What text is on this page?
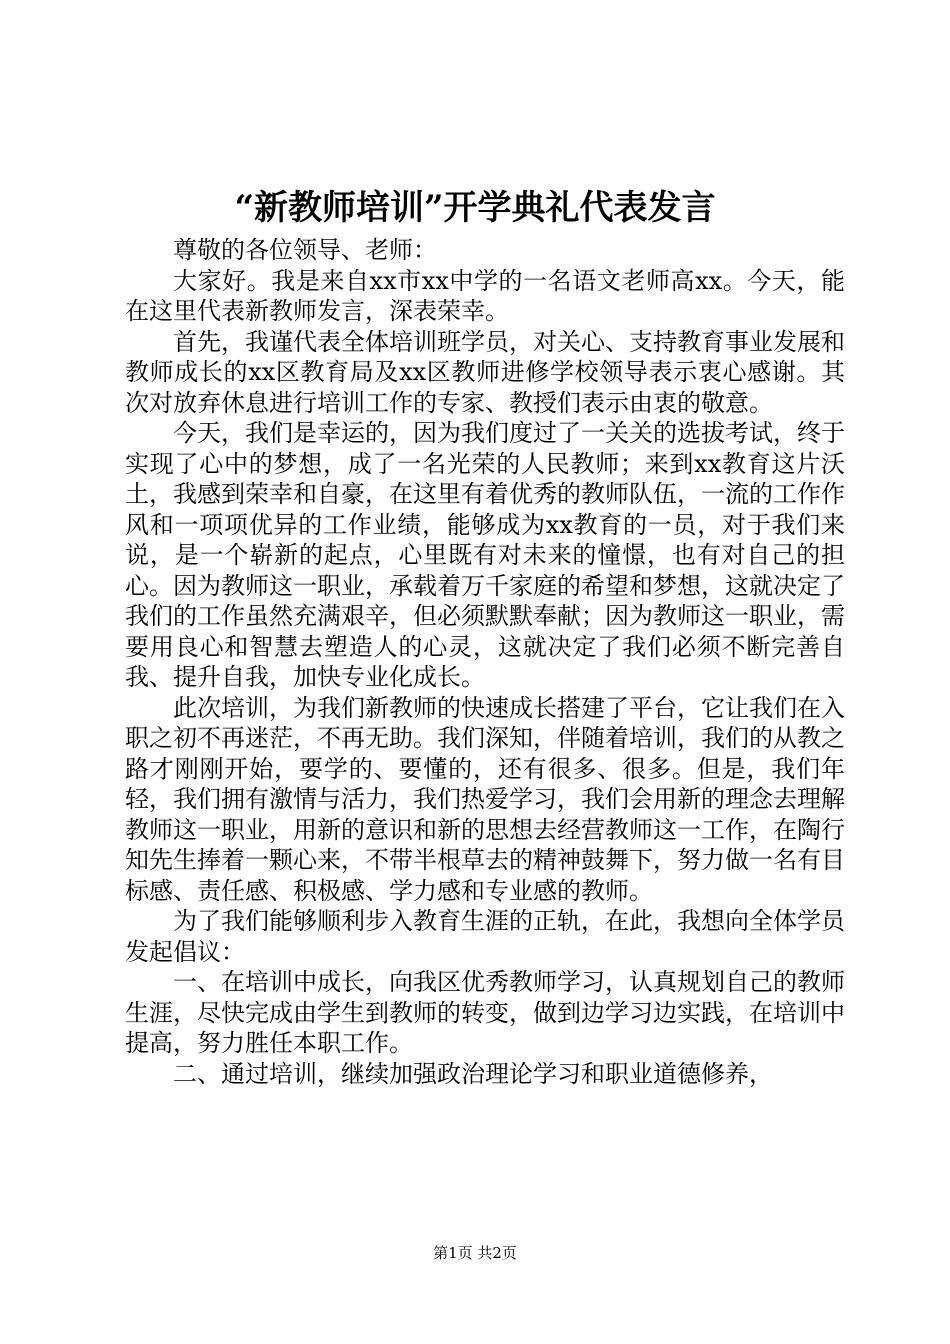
“新教师培训”开学典礼代表发言

尊敬的各位领导、老师：

大家好。我是来自xx市xx中学的一名语文老师高xx。今天，能在这里代表新教师发言，深表荣幸。

首先，我谨代表全体培训班学员，对关心、支持教育事业发展和教师成长的xx区教育局及xx区教师进修学校领导表示衷心感谢。其次对放弃休息进行培训工作的专家、教授们表示由衷的敬意。

今天，我们是幸运的，因为我们度过了一关关的选拔考试，终于实现了心中的梦想，成了一名光荣的人民教师；来到xx教育这片沃土，我感到荣幸和自豪，在这里有着优秀的教师队伍，一流的工作作风和一项项优异的工作业绩，能够成为xx教育的一员，对于我们来说，是一个崭新的起点，心里既有对未来的憧憬，也有对自己的担心。因为教师这一职业，承载着万千家庭的希望和梦想，这就决定了我们的工作虽然充满艰辛，但必须默默奉献；因为教师这一职业，需要用良心和智慧去塑造人的心灵，这就决定了我们必须不断完善自我、提升自我，加快专业化成长。

此次培训，为我们新教师的快速成长搭建了平台，它让我们在入职之初不再迷茫，不再无助。我们深知，伴随着培训，我们的从教之路才刚刚开始，要学的、要懂的，还有很多、很多。但是，我们年轻，我们拥有激情与活力，我们热爱学习，我们会用新的理念去理解教师这一职业，用新的意识和新的思想去经营教师这一工作，在陶行知先生捧着一颗心来，不带半根草去的精神鼓舞下，努力做一名有目标感、责任感、积极感、学力感和专业感的教师。

为了我们能够顺利步入教育生涯的正轨，在此，我想向全体学员发起倡议：

一、在培训中成长，向我区优秀教师学习，认真规划自己的教师生涯，尽快完成由学生到教师的转变，做到边学习边实践，在培训中提高，努力胜任本职工作。

二、通过培训，继续加强政治理论学习和职业道德修养，

第1页 共2页
